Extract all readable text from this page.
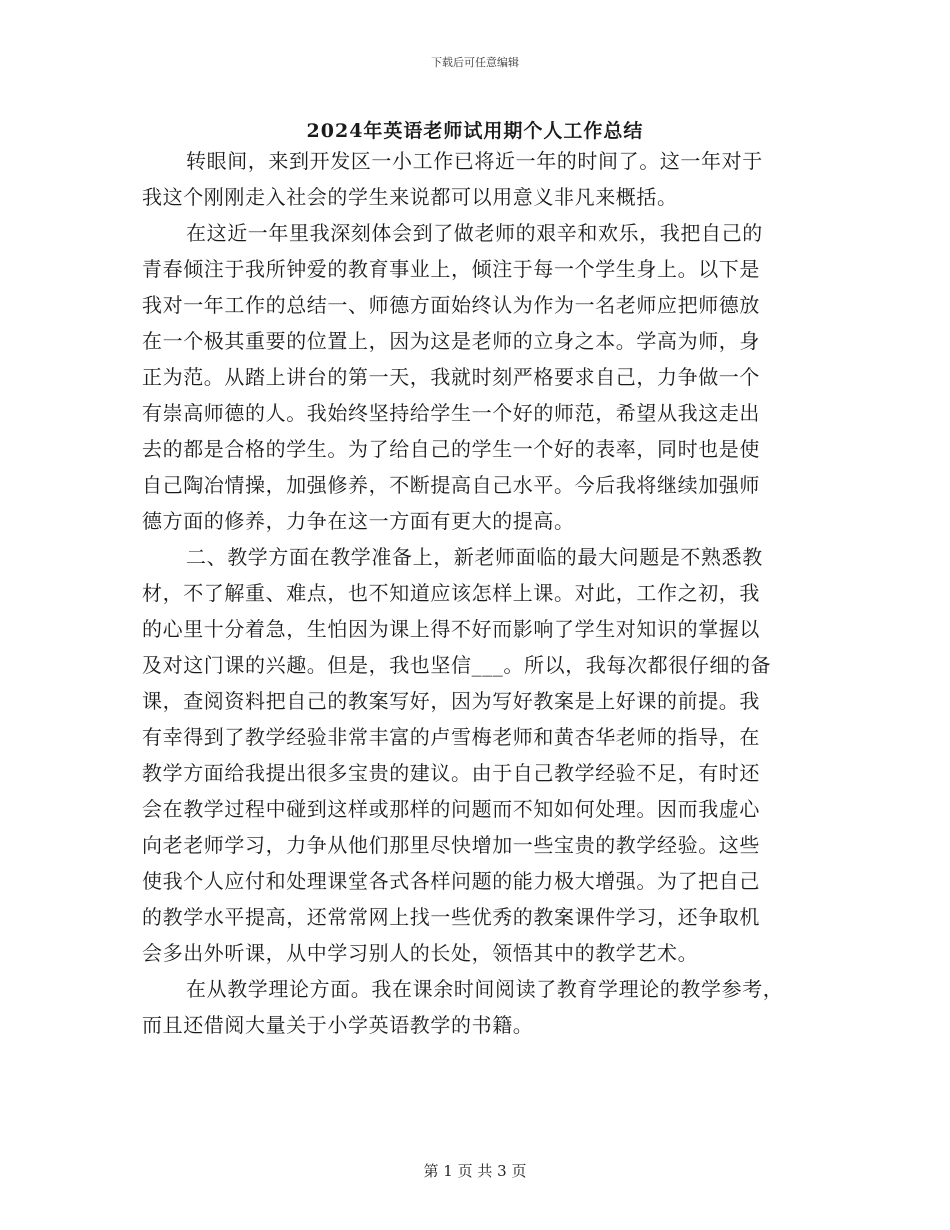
下载后可任意编辑
2024年英语老师试用期个人工作总结
转眼间，来到开发区一小工作已将近一年的时间了。这一年对于
我这个刚刚走入社会的学生来说都可以用意义非凡来概括。
在这近一年里我深刻体会到了做老师的艰辛和欢乐，我把自己的
青春倾注于我所钟爱的教育事业上，倾注于每一个学生身上。以下是
我对一年工作的总结一、师德方面始终认为作为一名老师应把师德放
在一个极其重要的位置上，因为这是老师的立身之本。学高为师，身
正为范。从踏上讲台的第一天，我就时刻严格要求自己，力争做一个
有崇高师德的人。我始终坚持给学生一个好的师范，希望从我这走出
去的都是合格的学生。为了给自己的学生一个好的表率，同时也是使
自己陶冶情操，加强修养，不断提高自己水平。今后我将继续加强师
德方面的修养，力争在这一方面有更大的提高。
二、教学方面在教学准备上，新老师面临的最大问题是不熟悉教
材，不了解重、难点，也不知道应该怎样上课。对此，工作之初，我
的心里十分着急，生怕因为课上得不好而影响了学生对知识的掌握以
及对这门课的兴趣。但是，我也坚信___。所以，我每次都很仔细的备
课，查阅资料把自己的教案写好，因为写好教案是上好课的前提。我
有幸得到了教学经验非常丰富的卢雪梅老师和黄杏华老师的指导，在
教学方面给我提出很多宝贵的建议。由于自己教学经验不足，有时还
会在教学过程中碰到这样或那样的问题而不知如何处理。因而我虚心
向老老师学习，力争从他们那里尽快增加一些宝贵的教学经验。这些
使我个人应付和处理课堂各式各样问题的能力极大增强。为了把自己
的教学水平提高，还常常网上找一些优秀的教案课件学习，还争取机
会多出外听课，从中学习别人的长处，领悟其中的教学艺术。
在从教学理论方面。我在课余时间阅读了教育学理论的教学参考，
而且还借阅大量关于小学英语教学的书籍。
第 1 页 共 3 页
